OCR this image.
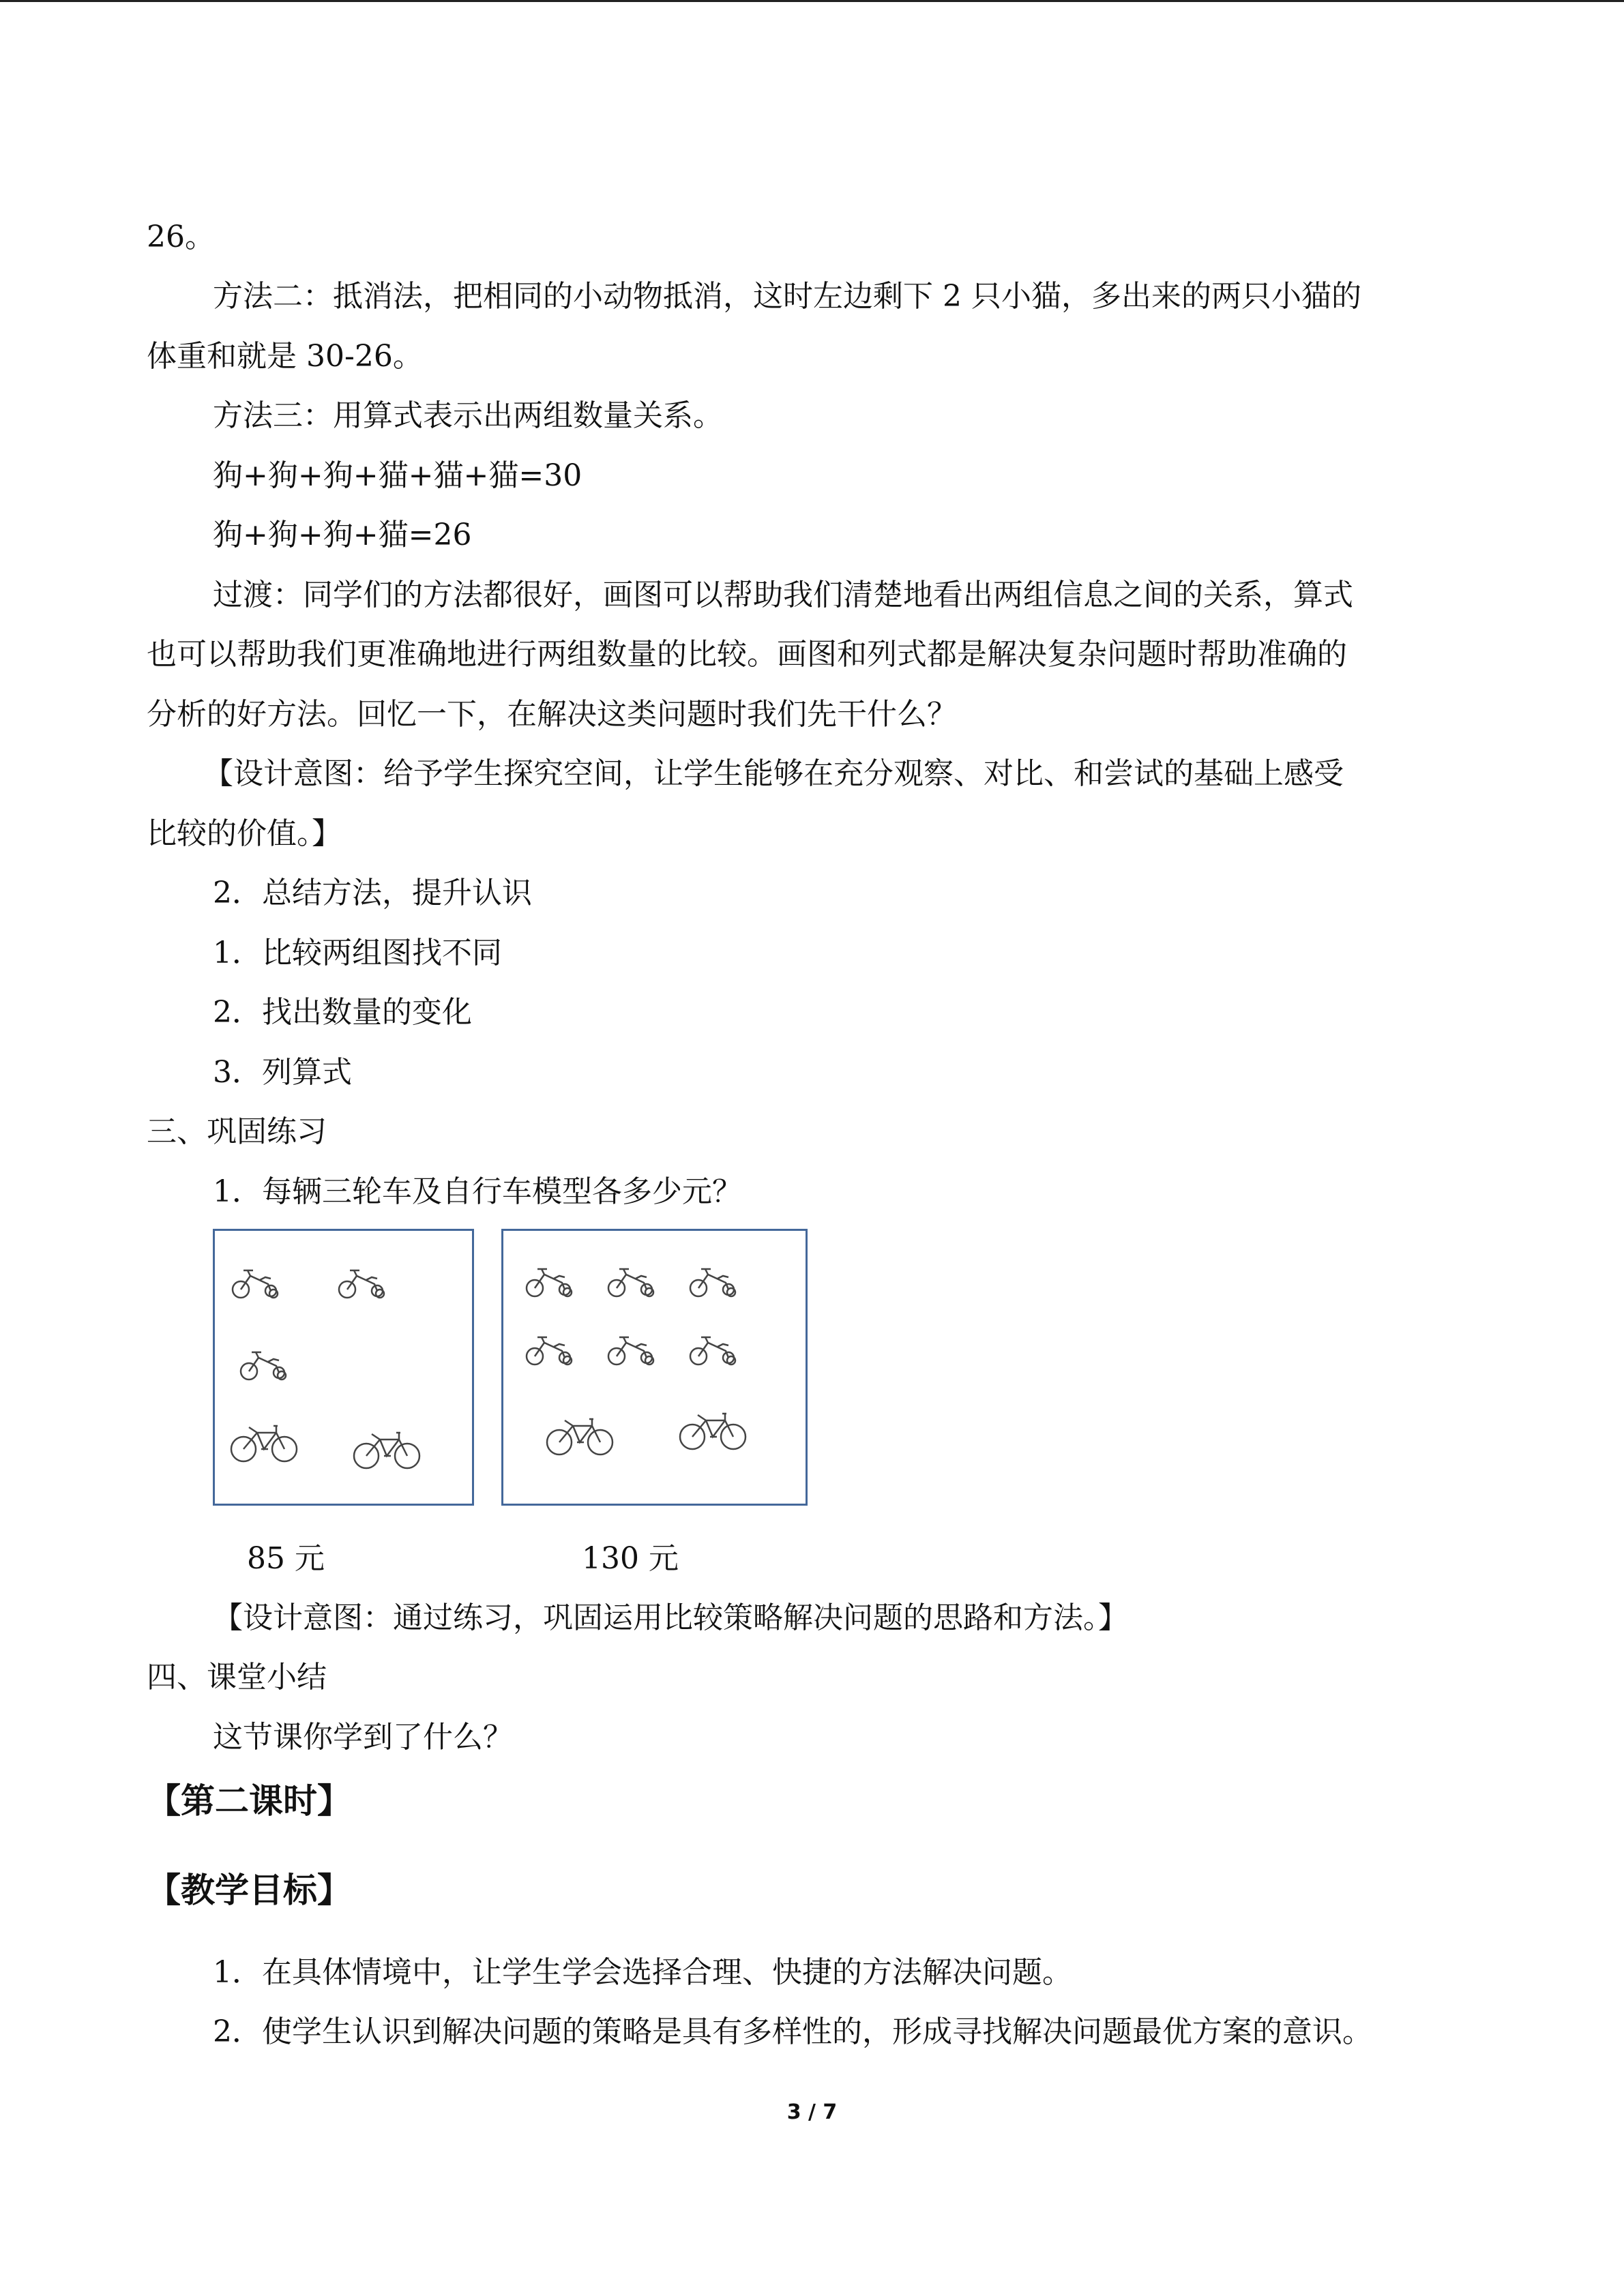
26。
方法二：抵消法，把相同的小动物抵消，这时左边剩下 2 只小猫，多出来的两只小猫的
体重和就是 30-26。
方法三：用算式表示出两组数量关系。
狗+狗+狗+猫+猫+猫=30
狗+狗+狗+猫=26
过渡：同学们的方法都很好，画图可以帮助我们清楚地看出两组信息之间的关系，算式
也可以帮助我们更准确地进行两组数量的比较。画图和列式都是解决复杂问题时帮助准确的
分析的好方法。回忆一下，在解决这类问题时我们先干什么？
【设计意图：给予学生探究空间，让学生能够在充分观察、对比、和尝试的基础上感受
比较的价值。】
2．总结方法，提升认识
1．比较两组图找不同
2．找出数量的变化
3．列算式
三、巩固练习
1．每辆三轮车及自行车模型各多少元？
85 元	130 元
【设计意图：通过练习，巩固运用比较策略解决问题的思路和方法。】
四、课堂小结
这节课你学到了什么？
【第二课时】
【教学目标】
1．在具体情境中，让学生学会选择合理、快捷的方法解决问题。
2．使学生认识到解决问题的策略是具有多样性的，形成寻找解决问题最优方案的意识。
3 / 7
